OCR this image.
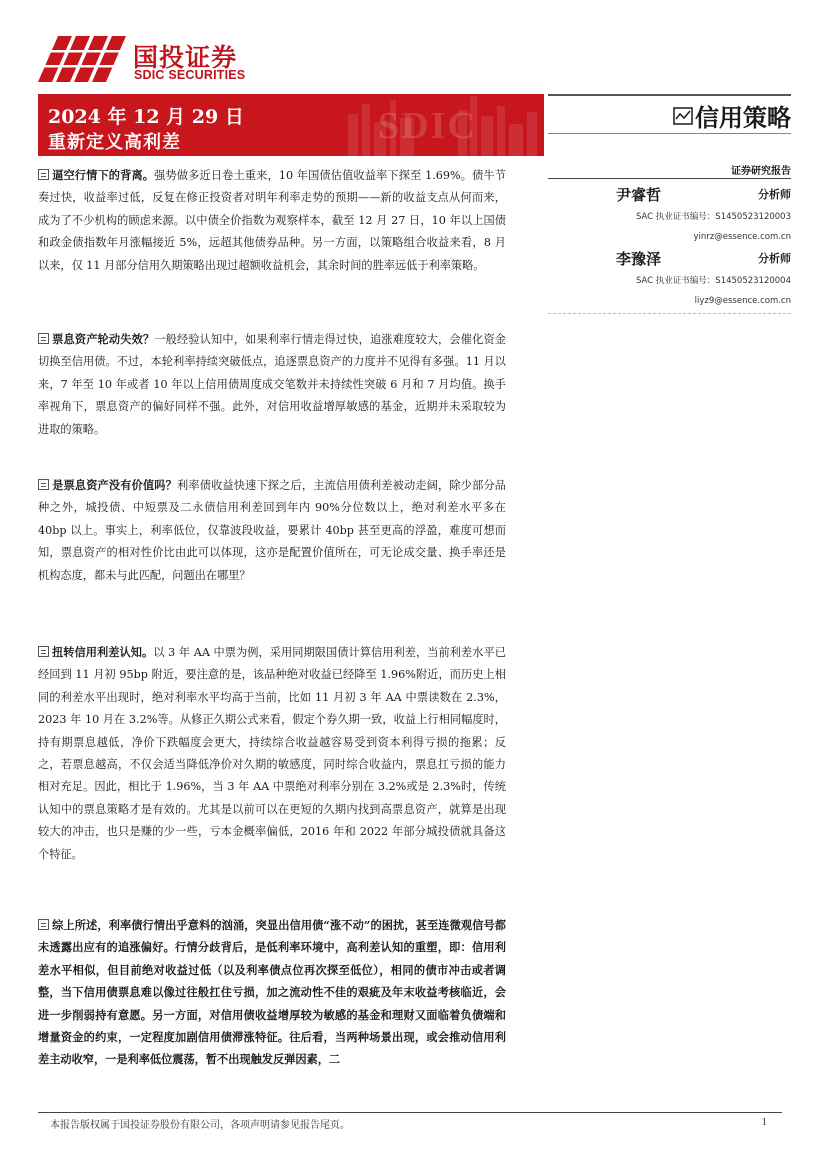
国投证券
SDIC SECURITIES
SDIC
2024 年 12 月 29 日
重新定义高利差
信用策略
证券研究报告
尹睿哲	分析师
SAC 执业证书编号：S1450523120003
yinrz@essence.com.cn
李豫泽	分析师
SAC 执业证书编号：S1450523120004
liyz9@essence.com.cn
逼空行情下的背离。强势做多近日卷土重来，10 年国债估值收益率下探至 1.69%。债牛节奏过快，收益率过低，反复在修正投资者对明年利率走势的预期——新的收益支点从何而来，成为了不少机构的顾虑来源。以中债全价指数为观察样本，截至 12 月 27 日，10 年以上国债和政金债指数年月涨幅接近 5%，远超其他债券品种。另一方面，以策略组合收益来看，8 月以来，仅 11 月部分信用久期策略出现过超额收益机会，其余时间的胜率远低于利率策略。
票息资产轮动失效？一般经验认知中，如果利率行情走得过快，追涨难度较大，会催化资金切换至信用债。不过，本轮利率持续突破低点，追逐票息资产的力度并不见得有多强。11 月以来，7 年至 10 年或者 10 年以上信用债周度成交笔数并未持续性突破 6 月和 7 月均值。换手率视角下，票息资产的偏好同样不强。此外，对信用收益增厚敏感的基金，近期并未采取较为进取的策略。
是票息资产没有价值吗？利率债收益快速下探之后，主流信用债利差被动走阔，除少部分品种之外，城投债、中短票及二永债信用利差回到年内 90%分位数以上，绝对利差水平多在 40bp 以上。事实上，利率低位，仅靠波段收益，要累计 40bp 甚至更高的浮盈，难度可想而知，票息资产的相对性价比由此可以体现，这亦是配置价值所在，可无论成交量、换手率还是机构态度，都未与此匹配，问题出在哪里？
扭转信用利差认知。以 3 年 AA 中票为例，采用同期限国债计算信用利差，当前利差水平已经回到 11 月初 95bp 附近，要注意的是，该品种绝对收益已经降至 1.96%附近，而历史上相同的利差水平出现时，绝对利率水平均高于当前，比如 11 月初 3 年 AA 中票读数在 2.3%，2023 年 10 月在 3.2%等。从修正久期公式来看，假定个券久期一致，收益上行相同幅度时，持有期票息越低，净价下跌幅度会更大，持续综合收益越容易受到资本利得亏损的拖累；反之，若票息越高，不仅会适当降低净价对久期的敏感度，同时综合收益内，票息扛亏损的能力相对充足。因此，相比于 1.96%，当 3 年 AA 中票绝对利率分别在 3.2%或是 2.3%时，传统认知中的票息策略才是有效的。尤其是以前可以在更短的久期内找到高票息资产，就算是出现较大的冲击，也只是赚的少一些，亏本金概率偏低，2016 年和 2022 年部分城投债就具备这个特征。
综上所述，利率债行情出乎意料的汹涌，突显出信用债“涨不动”的困扰，甚至连微观信号都未透露出应有的追涨偏好。行情分歧背后，是低利率环境中，高利差认知的重塑，即：信用利差水平相似，但目前绝对收益过低（以及利率债点位再次探至低位），相同的债市冲击或者调整，当下信用债票息难以像过往般扛住亏损，加之流动性不佳的艰疵及年末收益考核临近，会进一步削弱持有意愿。另一方面，对信用债收益增厚较为敏感的基金和理财又面临着负债端和增量资金的约束，一定程度加剧信用债滞涨特征。往后看，当两种场景出现，或会推动信用利差主动收窄，一是利率低位震荡，暂不出现触发反弹因素，二
本报告版权属于国投证券股份有限公司，各项声明请参见报告尾页。	1
